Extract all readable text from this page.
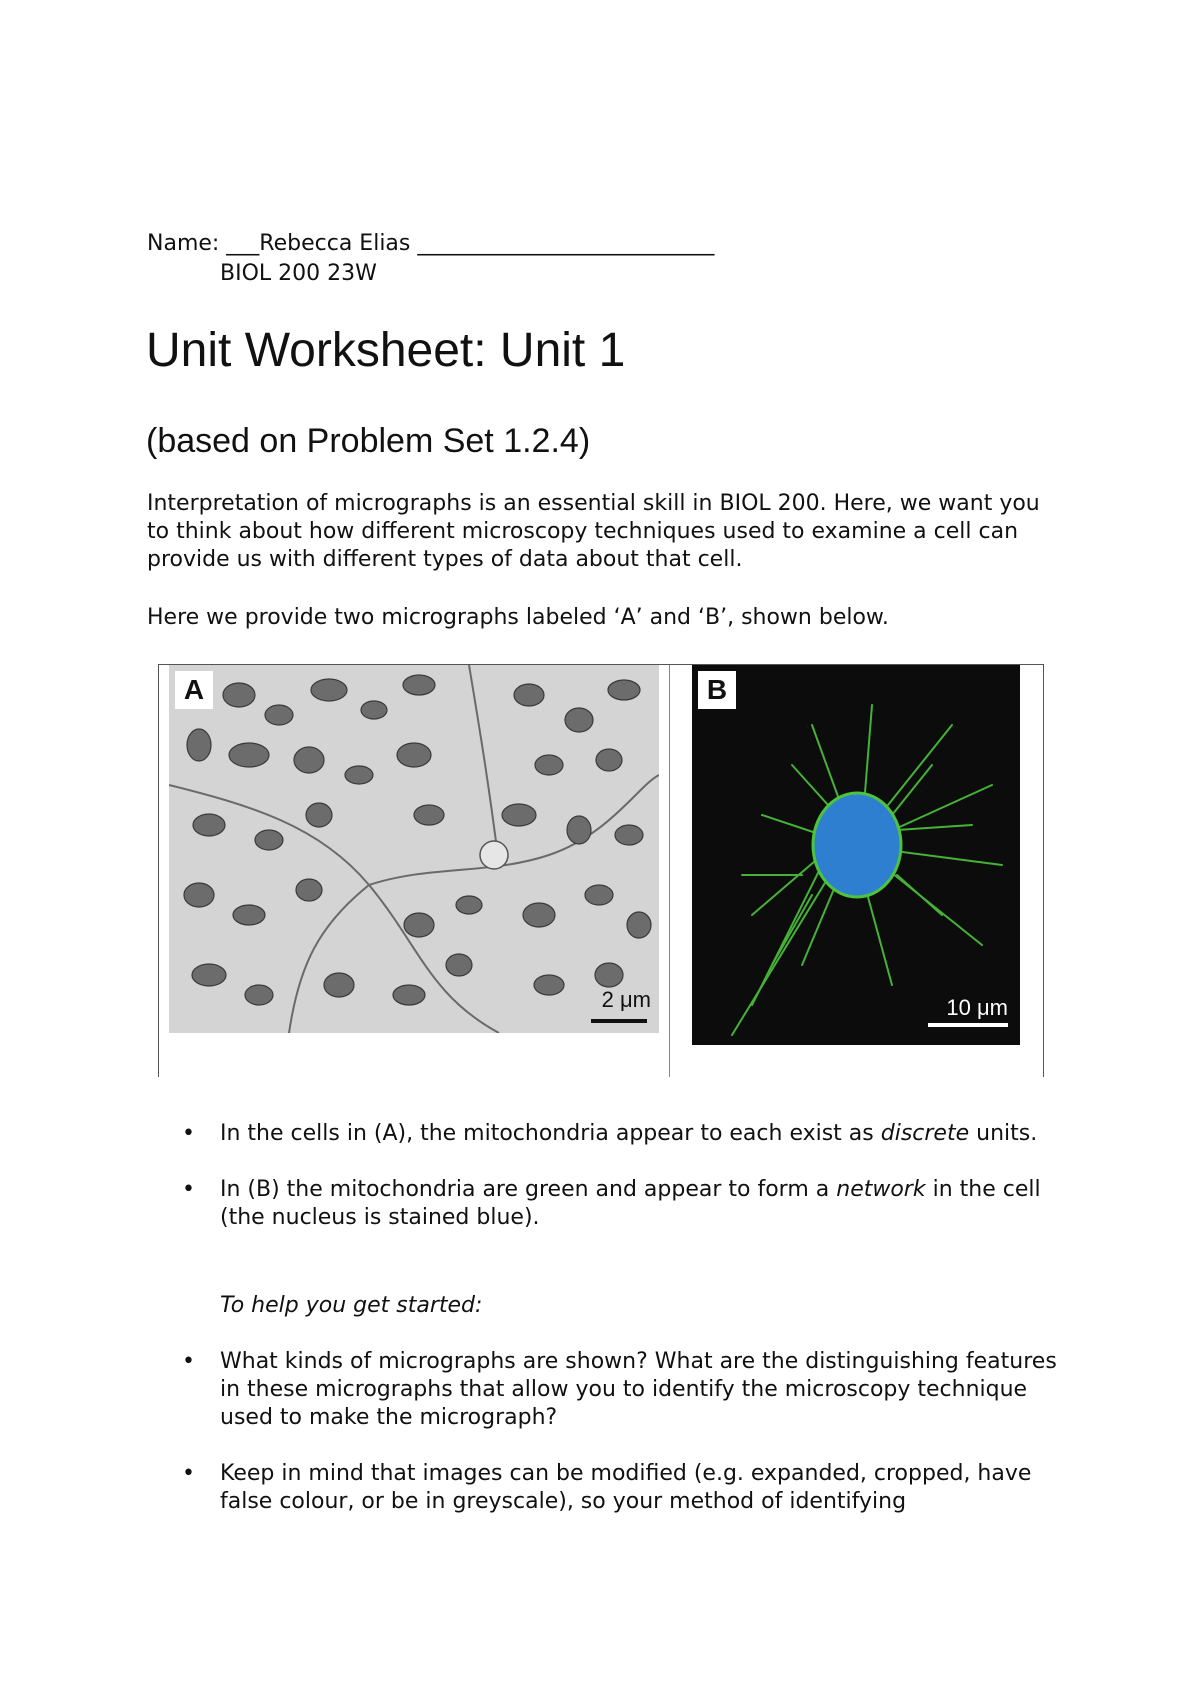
Name: ___Rebecca Elias ___________________________
BIOL 200 23W
Unit Worksheet: Unit 1
(based on Problem Set 1.2.4)
Interpretation of micrographs is an essential skill in BIOL 200. Here, we want you to think about how different microscopy techniques used to examine a cell can provide us with different types of data about that cell.
Here we provide two micrographs labeled ‘A’ and ‘B’, shown below.
A
2 μm
B
10 μm
• In the cells in (A), the mitochondria appear to each exist as discrete units.
• In (B) the mitochondria are green and appear to form a network in the cell (the nucleus is stained blue).
To help you get started:
• What kinds of micrographs are shown? What are the distinguishing features in these micrographs that allow you to identify the microscopy technique used to make the micrograph?
• Keep in mind that images can be modified (e.g. expanded, cropped, have false colour, or be in greyscale), so your method of identifying
